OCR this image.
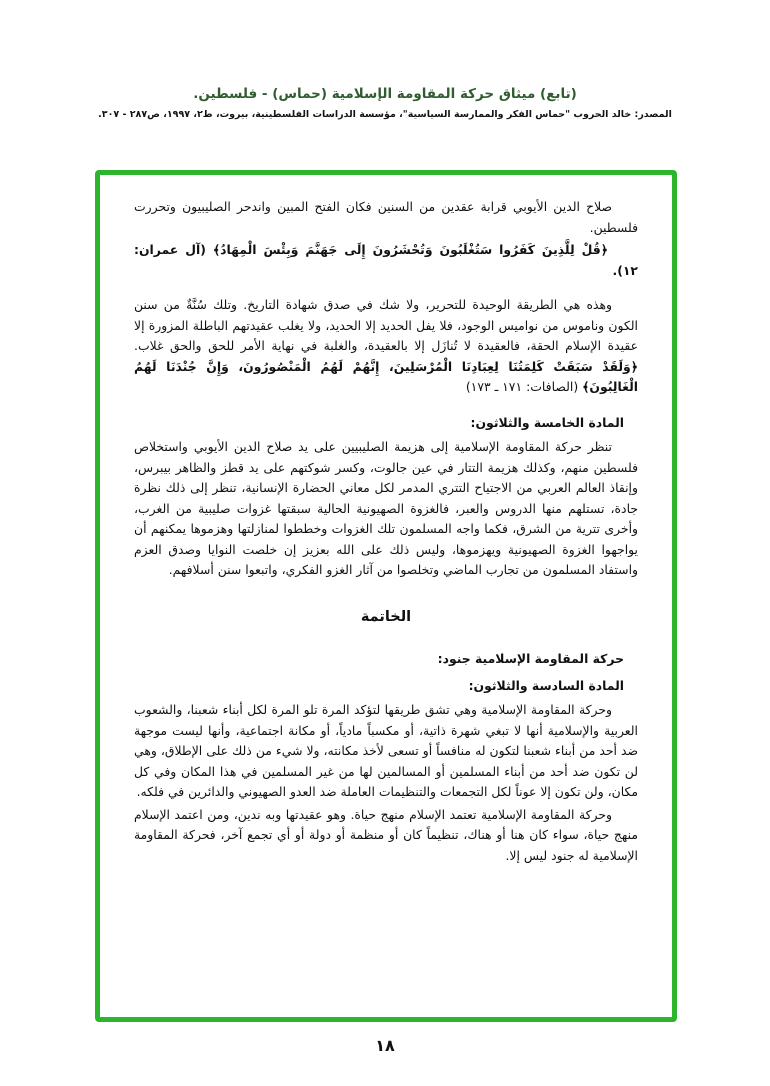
(تابع) ميثاق حركة المقاومة الإسلامية (حماس) - فلسطين.
المصدر: خالد الحروب "حماس الفكر والممارسة السياسية"، مؤسسة الدراسات الفلسطينية، بيروت، ط٢، ١٩٩٧، ص٢٨٧ - ٣٠٧.

صلاح الدين الأيوبي قرابة عقدين من السنين فكان الفتح المبين واندحر الصليبيون وتحررت فلسطين.

﴿قُلْ لِلَّذِينَ كَفَرُوا سَتُغْلَبُونَ وَتُحْشَرُونَ إِلَى جَهَنَّمَ وَبِئْسَ الْمِهَادُ﴾ (آل عمران: ١٢).

وهذه هي الطريقة الوحيدة للتحرير، ولا شك في صدق شهادة التاريخ. وتلك سُنَّةٌ من سنن الكون وناموس من نواميس الوجود، فلا يفل الحديد إلا الحديد، ولا يغلب عقيدتهم الباطلة المزورة إلا عقيدة الإسلام الحقة، فالعقيدة لا تُنازَل إلا بالعقيدة، والغلبة في نهاية الأمر للحق والحق غلاب. ﴿وَلَقَدْ سَبَقَتْ كَلِمَتُنَا لِعِبَادِنَا الْمُرْسَلِينَ، إِنَّهُمْ لَهُمُ الْمَنْصُورُونَ، وَإِنَّ جُنْدَنَا لَهُمُ الْغَالِبُونَ﴾ (الصافات: ١٧١ ـ ١٧٣)

المادة الخامسة والثلاثون:

تنظر حركة المقاومة الإسلامية إلى هزيمة الصليبيين على يد صلاح الدين الأيوبي واستخلاص فلسطين منهم، وكذلك هزيمة التتار في عين جالوت، وكسر شوكتهم على يد قطز والظاهر بيبرس، وإنقاذ العالم العربي من الاجتياح التتري المدمر لكل معاني الحضارة الإنسانية، تنظر إلى ذلك نظرة جادة، تستلهم منها الدروس والعبر، فالغزوة الصهيونية الحالية سبقتها غزوات صليبية من الغرب، وأخرى تترية من الشرق، فكما واجه المسلمون تلك الغزوات وخططوا لمنازلتها وهزموها يمكنهم أن يواجهوا الغزوة الصهيونية ويهزموها، وليس ذلك على الله بعزيز إن خلصت النوايا وصدق العزم واستفاد المسلمون من تجارب الماضي وتخلصوا من آثار الغزو الفكري، واتبعوا سنن أسلافهم.

الخاتمة

حركة المقاومة الإسلامية جنود:

المادة السادسة والثلاثون:

وحركة المقاومة الإسلامية وهي تشق طريقها لتؤكد المرة تلو المرة لكل أبناء شعبنا، والشعوب العربية والإسلامية أنها لا تبغي شهرة ذاتية، أو مكسباً مادياً، أو مكانة اجتماعية، وأنها ليست موجهة ضد أحد من أبناء شعبنا لتكون له منافساً أو تسعى لأخذ مكانته، ولا شيء من ذلك على الإطلاق، وهي لن تكون ضد أحد من أبناء المسلمين أو المسالمين لها من غير المسلمين في هذا المكان وفي كل مكان، ولن تكون إلا عوناً لكل التجمعات والتنظيمات العاملة ضد العدو الصهيوني والدائرين في فلكه.

وحركة المقاومة الإسلامية تعتمد الإسلام منهج حياة. وهو عقيدتها وبه ندين، ومن اعتمد الإسلام منهج حياة، سواء كان هنا أو هناك، تنظيماً كان أو منظمة أو دولة أو أي تجمع آخر، فحركة المقاومة الإسلامية له جنود ليس إلا.

١٨
